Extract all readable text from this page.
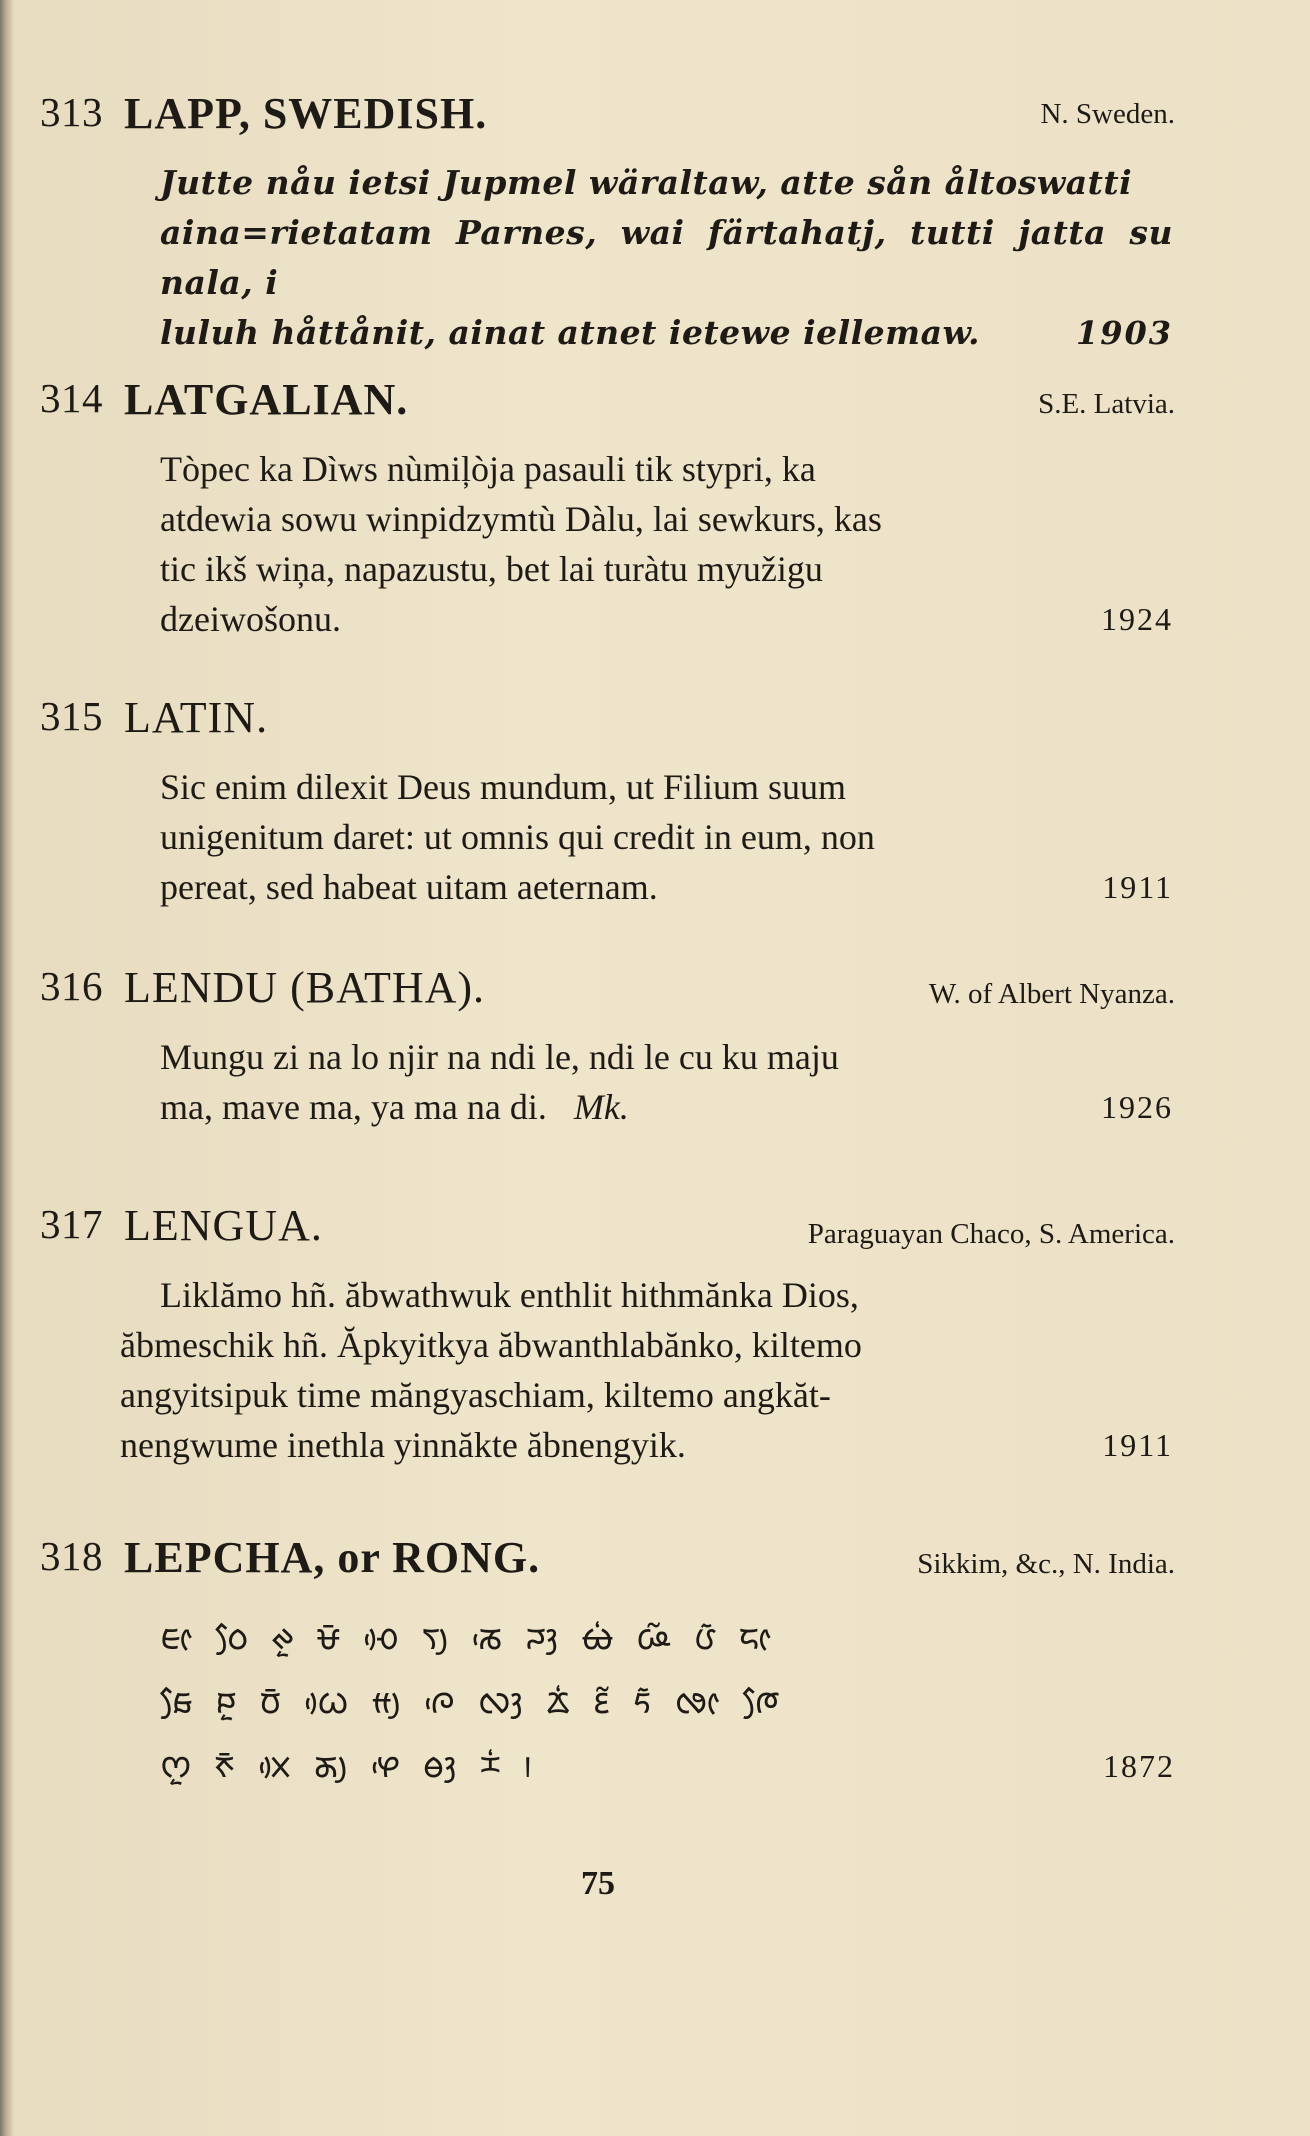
313 LAPP, SWEDISH.	N. Sweden.
Jutte nåu ietsi Jupmel wäraltaw, atte sån åltoswatti
aina=rietatam Parnes, wai färtahatj, tutti jatta su nala, i
luluh håttånit, ainat atnet ietewe iellemaw.	1903
314 LATGALIAN.	S.E. Latvia.
Tòpec ka Dìws nùmiļòja pasauli tik stypri, ka
atdewia sowu winpidzymtù Dàlu, lai sewkurs, kas
tic ikš wiņa, napazustu, bet lai turàtu myužigu
dzeiwošonu.	1924
315 LATIN.
Sic enim dilexit Deus mundum, ut Filium suum
unigenitum daret: ut omnis qui credit in eum, non
pereat, sed habeat uitam aeternam.	1911
316 LENDU (BATHA).	W. of Albert Nyanza.
Mungu zi na lo njir na ndi le, ndi le cu ku maju
ma, mave ma, ya ma na di. Mk.	1926
317 LENGUA.	Paraguayan Chaco, S. America.
Liklămo hñ. ăbwathwuk enthlit hithmănka Dios,
ăbmeschik hñ. Ăpkyitkya ăbwanthlabănko, kiltemo
angyitsipuk time măngyaschiam, kiltemo angkăt-
nengwume inethla yinnăkte ăbnengyik.	1911
318 LEPCHA, or RONG.	Sikkim, &c., N. India.
ᰀᰦ ᰓᰧ ᰊᰬ ᰝᰳ ᰆᰴ ᰛᰪ ᰕᰵ ᰎᰫ ᰄᰭ ᰘᰲ ᰂᰶ ᰏᰦ
ᰑᰧ ᰐᰬ ᰗᰳ ᰃᰴ ᰙᰪ ᰍᰵ ᰜᰫ ᰇᰭ ᰚᰲ ᰁᰶ ᰒᰦ ᰈᰧ
ᰔᰬ ᰉᰳ ᰞᰴ ᰖᰪ ᰋᰵ ᰟᰫ ᰌᰭ ᰻	1872
75
